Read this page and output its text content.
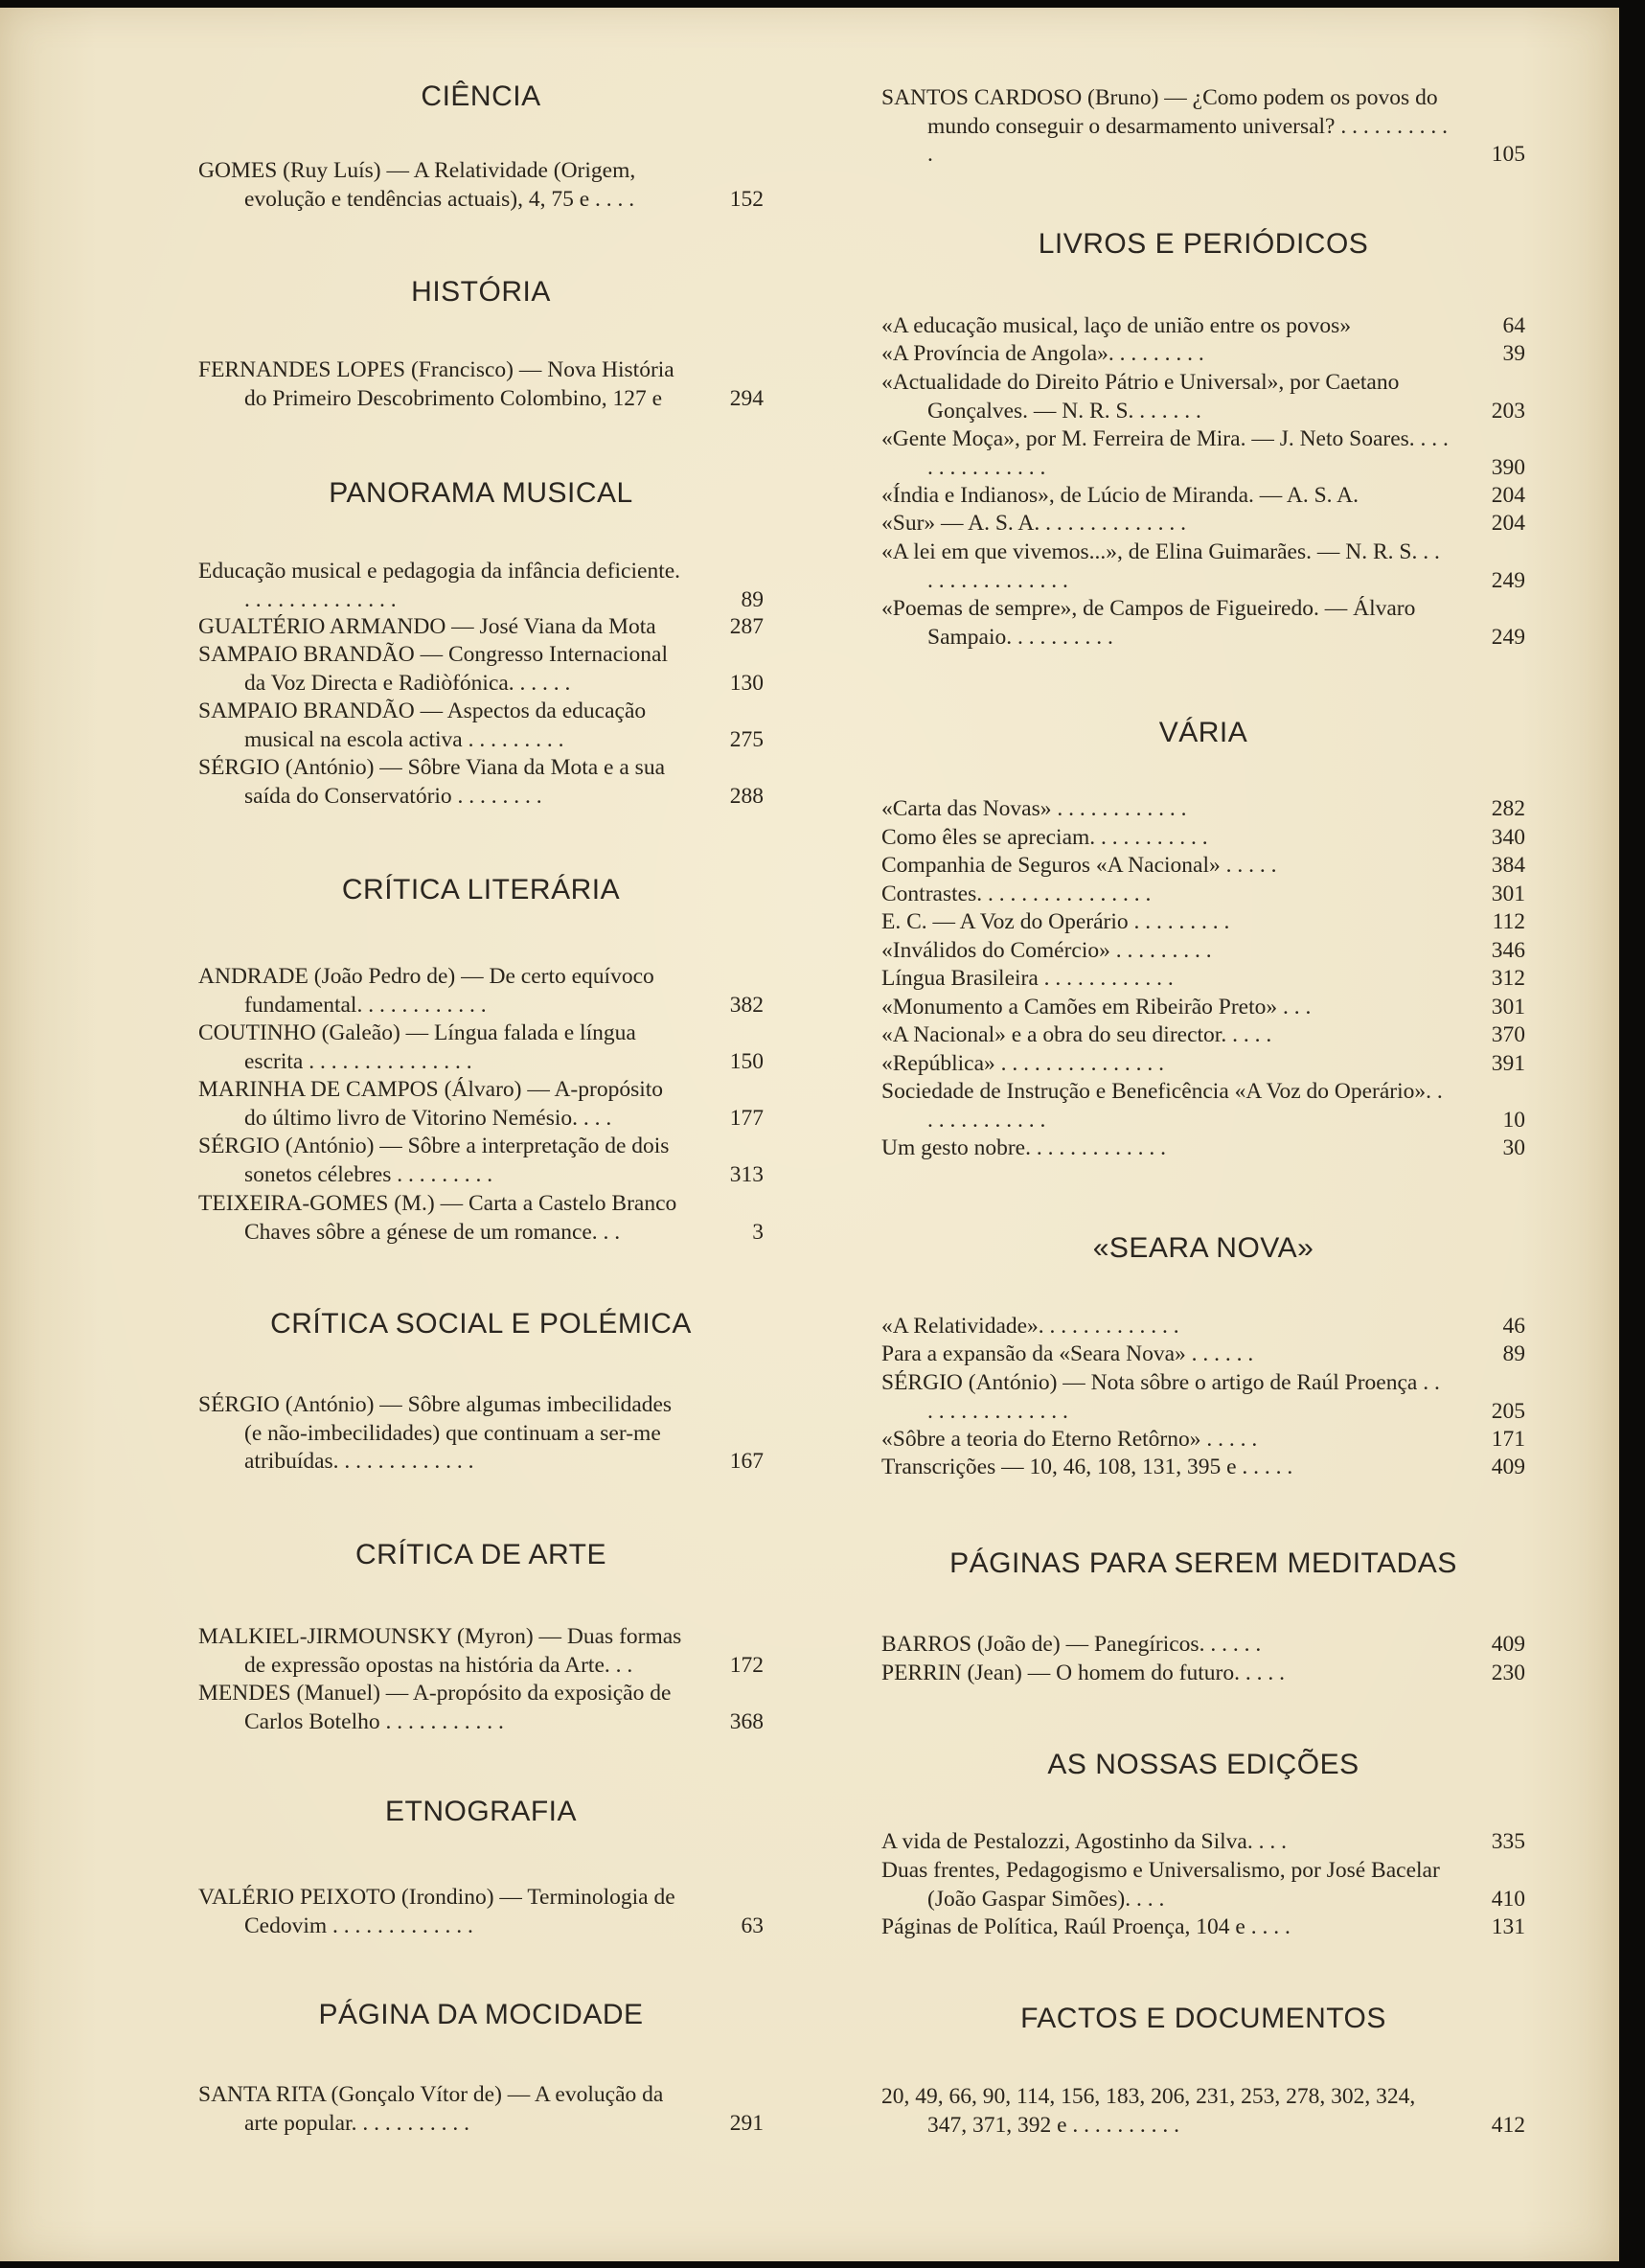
CIÊNCIA
GOMES (Ruy Luís) — A Relatividade (Origem, evolução e tendências actuais), 4, 75 e . . . .	152
HISTÓRIA
FERNANDES LOPES (Francisco) — Nova História do Primeiro Descobrimento Colombino, 127 e	294
PANORAMA MUSICAL
Educação musical e pedagogia da infância deficiente. . . . . . . . . . . . . . .	89
GUALTÉRIO ARMANDO — José Viana da Mota	287
SAMPAIO BRANDÃO — Congresso Internacional da Voz Directa e Radiòfónica. . . . . .	130
SAMPAIO BRANDÃO — Aspectos da educação musical na escola activa . . . . . . . . .	275
SÉRGIO (António) — Sôbre Viana da Mota e a sua saída do Conservatório . . . . . . . .	288
CRÍTICA LITERÁRIA
ANDRADE (João Pedro de) — De certo equívoco fundamental. . . . . . . . . . . .	382
COUTINHO (Galeão) — Língua falada e língua escrita . . . . . . . . . . . . . . .	150
MARINHA DE CAMPOS (Álvaro) — A-propósito do último livro de Vitorino Nemésio. . . .	177
SÉRGIO (António) — Sôbre a interpretação de dois sonetos célebres . . . . . . . . .	313
TEIXEIRA-GOMES (M.) — Carta a Castelo Branco Chaves sôbre a génese de um romance. . .	3
CRÍTICA SOCIAL E POLÉMICA
SÉRGIO (António) — Sôbre algumas imbecilidades (e não-imbecilidades) que continuam a ser-me atribuídas. . . . . . . . . . . . .	167
CRÍTICA DE ARTE
MALKIEL-JIRMOUNSKY (Myron) — Duas formas de expressão opostas na história da Arte. . .	172
MENDES (Manuel) — A-propósito da exposição de Carlos Botelho . . . . . . . . . . .	368
ETNOGRAFIA
VALÉRIO PEIXOTO (Irondino) — Terminologia de Cedovim . . . . . . . . . . . . .	63
PÁGINA DA MOCIDADE
SANTA RITA (Gonçalo Vítor de) — A evolução da arte popular. . . . . . . . . . .	291
SANTOS CARDOSO (Bruno) — ¿Como podem os povos do mundo conseguir o desarmamento universal? . . . . . . . . . . .	105
LIVROS E PERIÓDICOS
«A educação musical, laço de união entre os povos»	64
«A Província de Angola». . . . . . . . .	39
«Actualidade do Direito Pátrio e Universal», por Caetano Gonçalves. — N. R. S. . . . . . .	203
«Gente Moça», por M. Ferreira de Mira. — J. Neto Soares. . . . . . . . . . . . . . .	390
«Índia e Indianos», de Lúcio de Miranda. — A. S. A.	204
«Sur» — A. S. A. . . . . . . . . . . . . .	204
«A lei em que vivemos...», de Elina Guimarães. — N. R. S. . . . . . . . . . . . . . . .	249
«Poemas de sempre», de Campos de Figueiredo. — Álvaro Sampaio. . . . . . . . . .	249
VÁRIA
«Carta das Novas» . . . . . . . . . . . .	282
Como êles se apreciam. . . . . . . . . . .	340
Companhia de Seguros «A Nacional» . . . . .	384
Contrastes. . . . . . . . . . . . . . . .	301
E. C. — A Voz do Operário . . . . . . . . .	112
«Inválidos do Comércio» . . . . . . . . .	346
Língua Brasileira . . . . . . . . . . . .	312
«Monumento a Camões em Ribeirão Preto» . . .	301
«A Nacional» e a obra do seu director. . . . .	370
«República» . . . . . . . . . . . . . . .	391
Sociedade de Instrução e Beneficência «A Voz do Operário». . . . . . . . . . . . .	10
Um gesto nobre. . . . . . . . . . . . .	30
«SEARA NOVA»
«A Relatividade». . . . . . . . . . . . .	46
Para a expansão da «Seara Nova» . . . . . .	89
SÉRGIO (António) — Nota sôbre o artigo de Raúl Proença . . . . . . . . . . . . . . .	205
«Sôbre a teoria do Eterno Retôrno» . . . . .	171
Transcrições — 10, 46, 108, 131, 395 e . . . . .	409
PÁGINAS PARA SEREM MEDITADAS
BARROS (João de) — Panegíricos. . . . . .	409
PERRIN (Jean) — O homem do futuro. . . . .	230
AS NOSSAS EDIÇÕES
A vida de Pestalozzi, Agostinho da Silva. . . .	335
Duas frentes, Pedagogismo e Universalismo, por José Bacelar (João Gaspar Simões). . . .	410
Páginas de Política, Raúl Proença, 104 e . . . .	131
FACTOS E DOCUMENTOS
20, 49, 66, 90, 114, 156, 183, 206, 231, 253, 278, 302, 324, 347, 371, 392 e . . . . . . . . . .	412
